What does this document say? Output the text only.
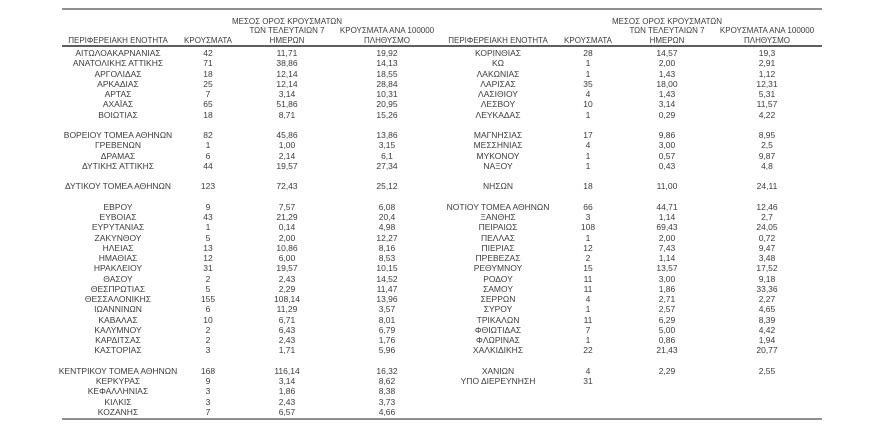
ΠΕΡΙΦΕΡΕΙΑΚΗ ΕΝΟΤΗΤΑ ΚΡΟΥΣΜΑΤΑ
ΜΕΣΟΣ ΟΡΟΣ ΚΡΟΥΣΜΑΤΩΝ
ΤΩΝ ΤΕΛΕΥΤΑΙΩΝ 7
ΗΜΕΡΩΝ
ΚΡΟΥΣΜΑΤΑ ΑΝΑ 100000
ΠΛΗΘΥΣΜΟ
ΑΙΤΩΛΟΑΚΑΡΝΑΝΙΑΣ	42	11,71	19,92
ΑΝΑΤΟΛΙΚΗΣ ΑΤΤΙΚΗΣ	71	38,86	14,13
ΑΡΓΟΛΙΔΑΣ	18	12,14	18,55
ΑΡΚΑΔΙΑΣ	25	12,14	28,84
ΑΡΤΑΣ	7	3,14	10,31
ΑΧΑΪΑΣ	65	51,86	20,95
ΒΟΙΩΤΙΑΣ	18	8,71	15,26
ΒΟΡΕΙΟΥ ΤΟΜΕΑ ΑΘΗΝΩΝ	82	45,86	13,86
ΓΡΕΒΕΝΩΝ	1	1,00	3,15
ΔΡΑΜΑΣ	6	2,14	6,1
ΔΥΤΙΚΗΣ ΑΤΤΙΚΗΣ	44	19,57	27,34
ΔΥΤΙΚΟΥ ΤΟΜΕΑ ΑΘΗΝΩΝ	123	72,43	25,12
ΕΒΡΟΥ	9	7,57	6,08
ΕΥΒΟΙΑΣ	43	21,29	20,4
ΕΥΡΥΤΑΝΙΑΣ	1	0,14	4,98
ΖΑΚΥΝΘΟΥ	5	2,00	12,27
ΗΛΕΙΑΣ	13	10,86	8,16
ΗΜΑΘΙΑΣ	12	6,00	8,53
ΗΡΑΚΛΕΙΟΥ	31	19,57	10,15
ΘΑΣΟΥ	2	2,43	14,52
ΘΕΣΠΡΩΤΙΑΣ	5	2,29	11,47
ΘΕΣΣΑΛΟΝΙΚΗΣ	155	108,14	13,96
ΙΩΑΝΝΙΝΩΝ	6	11,29	3,57
ΚΑΒΑΛΑΣ	10	6,71	8,01
ΚΑΛΥΜΝΟΥ	2	6,43	6,79
ΚΑΡΔΙΤΣΑΣ	2	2,43	1,76
ΚΑΣΤΟΡΙΑΣ	3	1,71	5,96
ΚΕΝΤΡΙΚΟΥ ΤΟΜΕΑ ΑΘΗΝΩΝ	168	116,14	16,32
ΚΕΡΚΥΡΑΣ	9	3,14	8,62
ΚΕΦΑΛΛΗΝΙΑΣ	3	1,86	8,38
ΚΙΛΚΙΣ	3	2,43	3,73
ΚΟΖΑΝΗΣ	7	6,57	4,66
ΠΕΡΙΦΕΡΕΙΑΚΗ ΕΝΟΤΗΤΑ ΚΡΟΥΣΜΑΤΑ
ΜΕΣΟΣ ΟΡΟΣ ΚΡΟΥΣΜΑΤΩΝ
ΤΩΝ ΤΕΛΕΥΤΑΙΩΝ 7
ΗΜΕΡΩΝ
ΚΡΟΥΣΜΑΤΑ ΑΝΑ 100000
ΠΛΗΘΥΣΜΟ
ΚΟΡΙΝΘΙΑΣ	28	14,57	19,3
ΚΩ	1	2,00	2,91
ΛΑΚΩΝΙΑΣ	1	1,43	1,12
ΛΑΡΙΣΑΣ	35	18,00	12,31
ΛΑΣΙΘΙΟΥ	4	1,43	5,31
ΛΕΣΒΟΥ	10	3,14	11,57
ΛΕΥΚΑΔΑΣ	1	0,29	4,22
ΜΑΓΝΗΣΙΑΣ	17	9,86	8,95
ΜΕΣΣΗΝΙΑΣ	4	3,00	2,5
ΜΥΚΟΝΟΥ	1	0,57	9,87
ΝΑΞΟΥ	1	0,43	4,8
ΝΗΣΩΝ	18	11,00	24,11
ΝΟΤΙΟΥ ΤΟΜΕΑ ΑΘΗΝΩΝ	66	44,71	12,46
ΞΑΝΘΗΣ	3	1,14	2,7
ΠΕΙΡΑΙΩΣ	108	69,43	24,05
ΠΕΛΛΑΣ	1	2,00	0,72
ΠΙΕΡΙΑΣ	12	7,43	9,47
ΠΡΕΒΕΖΑΣ	2	1,14	3,48
ΡΕΘΥΜΝΟΥ	15	13,57	17,52
ΡΟΔΟΥ	11	3,00	9,18
ΣΑΜΟΥ	11	1,86	33,36
ΣΕΡΡΩΝ	4	2,71	2,27
ΣΥΡΟΥ	1	2,57	4,65
ΤΡΙΚΑΛΩΝ	11	6,29	8,39
ΦΘΙΩΤΙΔΑΣ	7	5,00	4,42
ΦΛΩΡΙΝΑΣ	1	0,86	1,94
ΧΑΛΚΙΔΙΚΗΣ	22	21,43	20,77
ΧΑΝΙΩΝ	4	2,29	2,55
ΥΠΟ ΔΙΕΡΕΥΝΗΣΗ	31
